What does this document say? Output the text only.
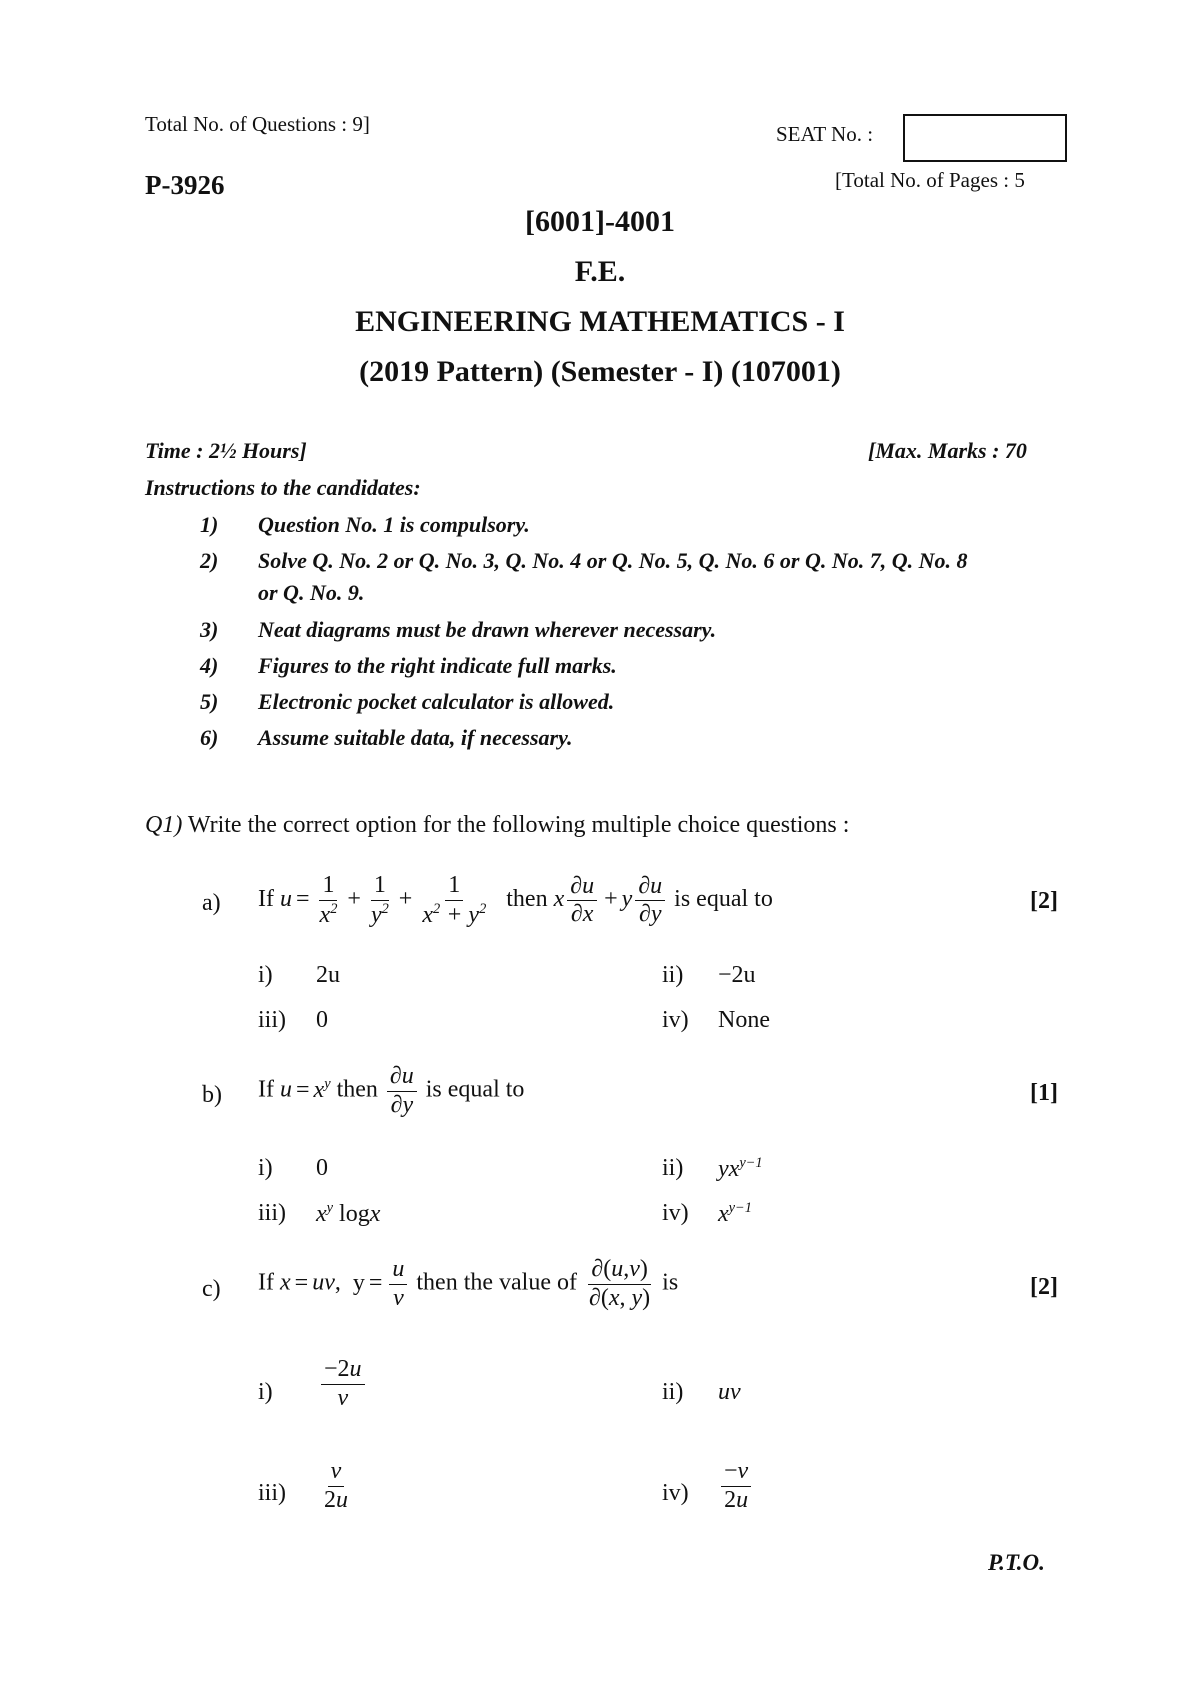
Total No. of Questions : 9]	SEAT No. :
P-3926	[Total No. of Pages : 5
[6001]-4001
F.E.
ENGINEERING MATHEMATICS - I
(2019 Pattern) (Semester - I) (107001)
Time : 2½ Hours]	[Max. Marks : 70
Instructions to the candidates:
1) Question No. 1 is compulsory.
2) Solve Q. No. 2 or Q. No. 3, Q. No. 4 or Q. No. 5, Q. No. 6 or Q. No. 7, Q. No. 8
or Q. No. 9.
3) Neat diagrams must be drawn wherever necessary.
4) Figures to the right indicate full marks.
5) Electronic pocket calculator is allowed.
6) Assume suitable data, if necessary.
Q1) Write the correct option for the following multiple choice questions :
a) If $u = \frac{1}{x^2} + \frac{1}{y^2} + \frac{1}{x^2 + y^2}$ then x $\frac{\partial u}{\partial x} + y \frac{\partial u}{\partial y}$ is equal to	[2]
i) 2u	ii) −2u
iii) 0	iv) None
b) If $u = x^y$ then $\frac{\partial u}{\partial y}$ is equal to	[1]
i) 0	ii) $yx^{y-1}$
iii) $x^y$ logx	iv) $x^{y-1}$
c) If x = uv, $y = \frac{u}{v}$ then the value of $\frac{\partial(u,v)}{\partial(x, y)}$ is	[2]
$i) \frac{-2u}{v}$	ii) uv
$iii) \frac{v}{2u}$	$iv) \frac{-v}{2u}$
P.T.O.
